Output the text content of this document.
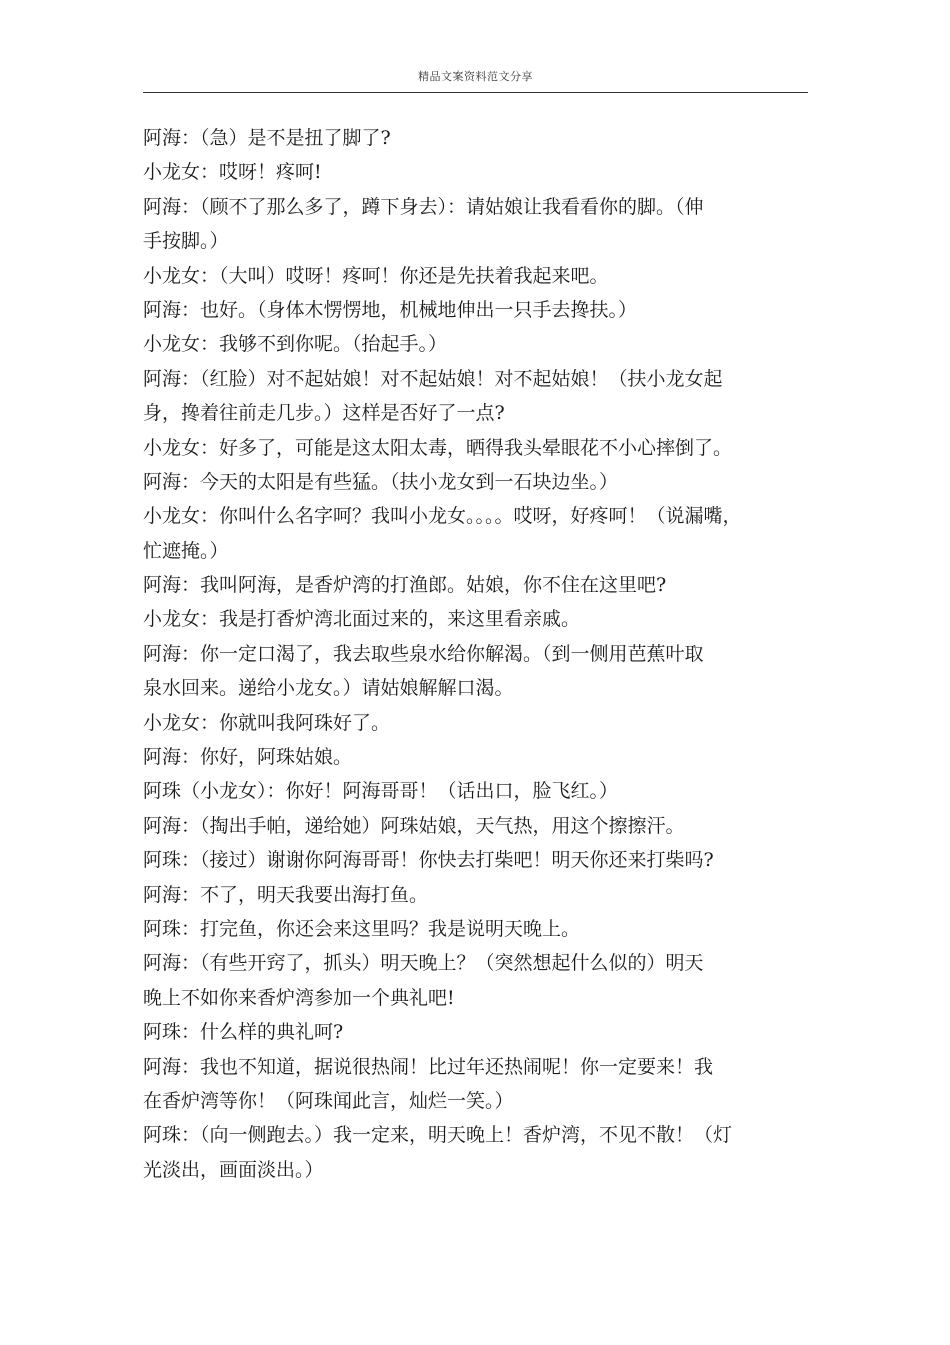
精品文案资料范文分享
阿海：（急）是不是扭了脚了?
小龙女：哎呀！疼呵!
阿海：（顾不了那么多了，蹲下身去）：请姑娘让我看看你的脚。（伸
手按脚。）
小龙女：（大叫）哎呀！疼呵！你还是先扶着我起来吧。
阿海：也好。（身体木愣愣地，机械地伸出一只手去搀扶。）
小龙女：我够不到你呢。（抬起手。）
阿海：（红脸）对不起姑娘！对不起姑娘！对不起姑娘！（扶小龙女起
身，搀着往前走几步。）这样是否好了一点?
小龙女：好多了，可能是这太阳太毒，晒得我头晕眼花不小心摔倒了。
阿海：今天的太阳是有些猛。（扶小龙女到一石块边坐。）
小龙女：你叫什么名字呵？我叫小龙女。。。。哎呀，好疼呵！（说漏嘴，
忙遮掩。）
阿海：我叫阿海，是香炉湾的打渔郎。姑娘，你不住在这里吧?
小龙女：我是打香炉湾北面过来的，来这里看亲戚。
阿海：你一定口渴了，我去取些泉水给你解渴。（到一侧用芭蕉叶取
泉水回来。递给小龙女。）请姑娘解解口渴。
小龙女：你就叫我阿珠好了。
阿海：你好，阿珠姑娘。
阿珠（小龙女）：你好！阿海哥哥！（话出口，脸飞红。）
阿海：（掏出手帕，递给她）阿珠姑娘，天气热，用这个擦擦汗。
阿珠：（接过）谢谢你阿海哥哥！你快去打柴吧！明天你还来打柴吗?
阿海：不了，明天我要出海打鱼。
阿珠：打完鱼，你还会来这里吗？我是说明天晚上。
阿海：（有些开窍了，抓头）明天晚上？（突然想起什么似的）明天
晚上不如你来香炉湾参加一个典礼吧!
阿珠：什么样的典礼呵?
阿海：我也不知道，据说很热闹！比过年还热闹呢！你一定要来！我
在香炉湾等你！（阿珠闻此言，灿烂一笑。）
阿珠：（向一侧跑去。）我一定来，明天晚上！香炉湾，不见不散！（灯
光淡出，画面淡出。）
